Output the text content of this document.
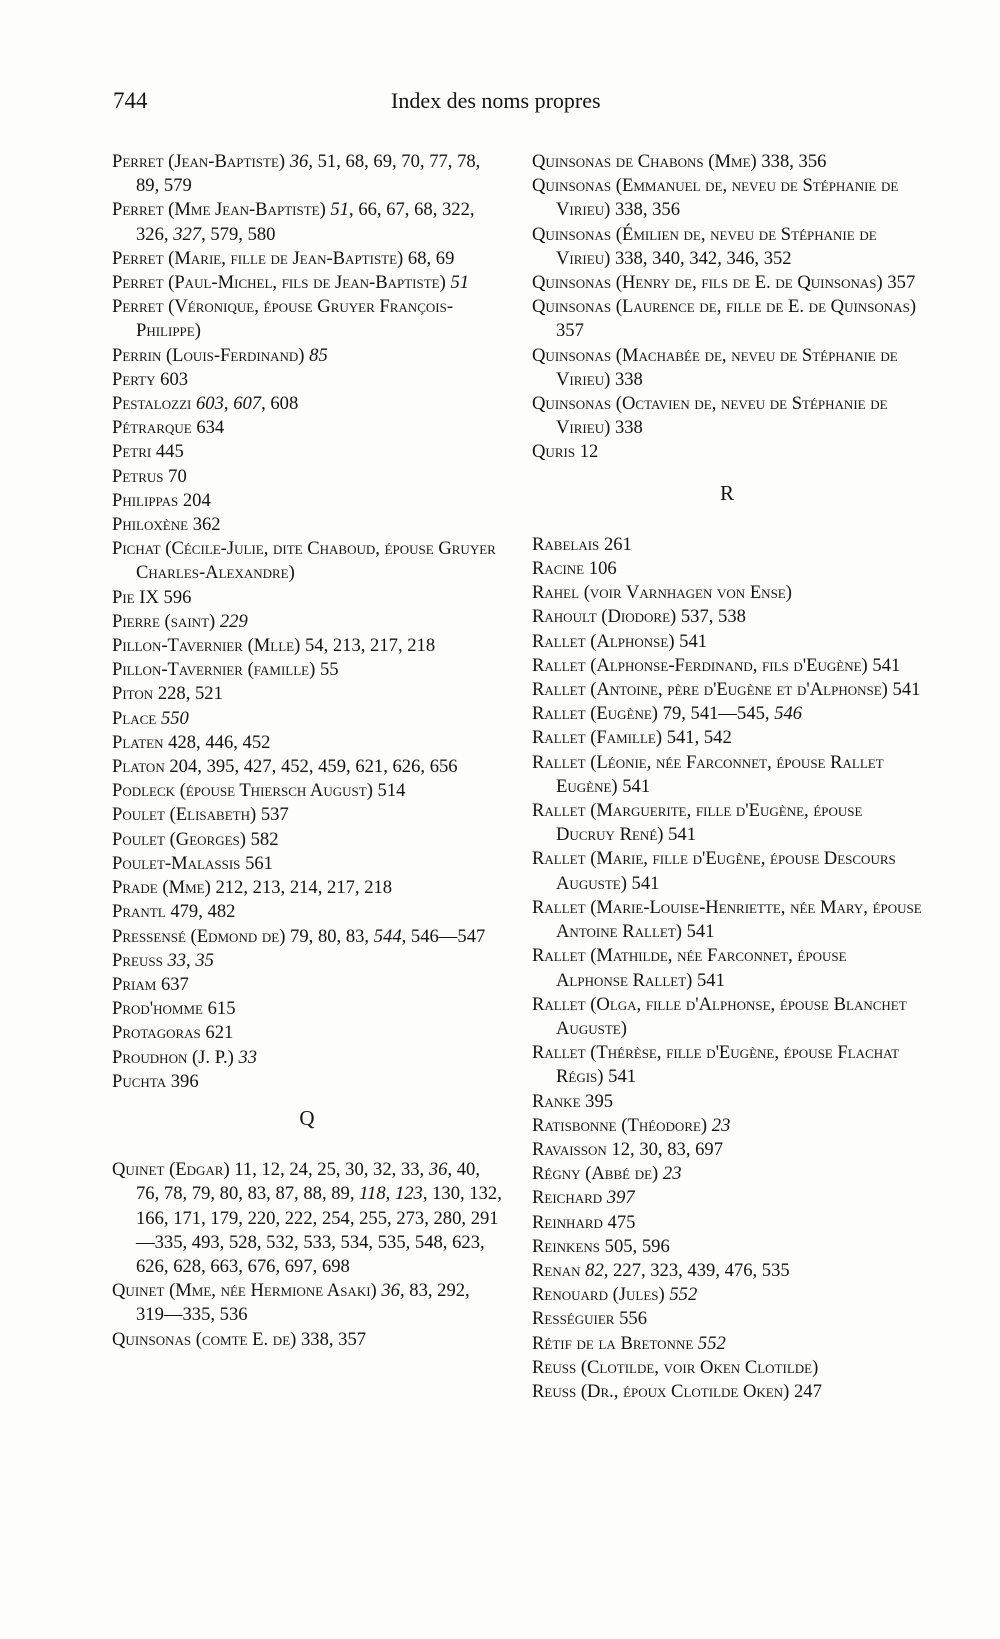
744	Index des noms propres
Perret (Jean-Baptiste) 36, 51, 68, 69, 70, 77, 78, 89, 579
Perret (Mme Jean-Baptiste) 51, 66, 67, 68, 322, 326, 327, 579, 580
Perret (Marie, fille de Jean-Baptiste) 68, 69
Perret (Paul-Michel, fils de Jean-Baptiste) 51
Perret (Véronique, épouse Gruyer François-Philippe)
Perrin (Louis-Ferdinand) 85
Perty 603
Pestalozzi 603, 607, 608
Pétrarque 634
Petri 445
Petrus 70
Philippas 204
Philoxène 362
Pichat (Cécile-Julie, dite Chaboud, épouse Gruyer Charles-Alexandre)
Pie IX 596
Pierre (saint) 229
Pillon-Tavernier (Mlle) 54, 213, 217, 218
Pillon-Tavernier (famille) 55
Piton 228, 521
Place 550
Platen 428, 446, 452
Platon 204, 395, 427, 452, 459, 621, 626, 656
Podleck (épouse Thiersch August) 514
Poulet (Elisabeth) 537
Poulet (Georges) 582
Poulet-Malassis 561
Prade (Mme) 212, 213, 214, 217, 218
Prantl 479, 482
Pressensé (Edmond de) 79, 80, 83, 544, 546—547
Preuss 33, 35
Priam 637
Prod'homme 615
Protagoras 621
Proudhon (J. P.) 33
Puchta 396
Q
Quinet (Edgar) 11, 12, 24, 25, 30, 32, 33, 36, 40, 76, 78, 79, 80, 83, 87, 88, 89, 118, 123, 130, 132, 166, 171, 179, 220, 222, 254, 255, 273, 280, 291—335, 493, 528, 532, 533, 534, 535, 548, 623, 626, 628, 663, 676, 697, 698
Quinet (Mme, née Hermione Asaki) 36, 83, 292, 319—335, 536
Quinsonas (comte E. de) 338, 357
Quinsonas de Chabons (Mme) 338, 356
Quinsonas (Emmanuel de, neveu de Stéphanie de Virieu) 338, 356
Quinsonas (Émilien de, neveu de Stéphanie de Virieu) 338, 340, 342, 346, 352
Quinsonas (Henry de, fils de E. de Quinsonas) 357
Quinsonas (Laurence de, fille de E. de Quinsonas) 357
Quinsonas (Machabée de, neveu de Stéphanie de Virieu) 338
Quinsonas (Octavien de, neveu de Stéphanie de Virieu) 338
Quris 12
R
Rabelais 261
Racine 106
Rahel (voir Varnhagen von Ense)
Rahoult (Diodore) 537, 538
Rallet (Alphonse) 541
Rallet (Alphonse-Ferdinand, fils d'Eugène) 541
Rallet (Antoine, père d'Eugène et d'Alphonse) 541
Rallet (Eugène) 79, 541—545, 546
Rallet (Famille) 541, 542
Rallet (Léonie, née Farconnet, épouse Rallet Eugène) 541
Rallet (Marguerite, fille d'Eugène, épouse Ducruy René) 541
Rallet (Marie, fille d'Eugène, épouse Descours Auguste) 541
Rallet (Marie-Louise-Henriette, née Mary, épouse Antoine Rallet) 541
Rallet (Mathilde, née Farconnet, épouse Alphonse Rallet) 541
Rallet (Olga, fille d'Alphonse, épouse Blanchet Auguste)
Rallet (Thérèse, fille d'Eugène, épouse Flachat Régis) 541
Ranke 395
Ratisbonne (Théodore) 23
Ravaisson 12, 30, 83, 697
Régny (Abbé de) 23
Reichard 397
Reinhard 475
Reinkens 505, 596
Renan 82, 227, 323, 439, 476, 535
Renouard (Jules) 552
Rességuier 556
Rétif de la Bretonne 552
Reuss (Clotilde, voir Oken Clotilde)
Reuss (Dr., époux Clotilde Oken) 247
